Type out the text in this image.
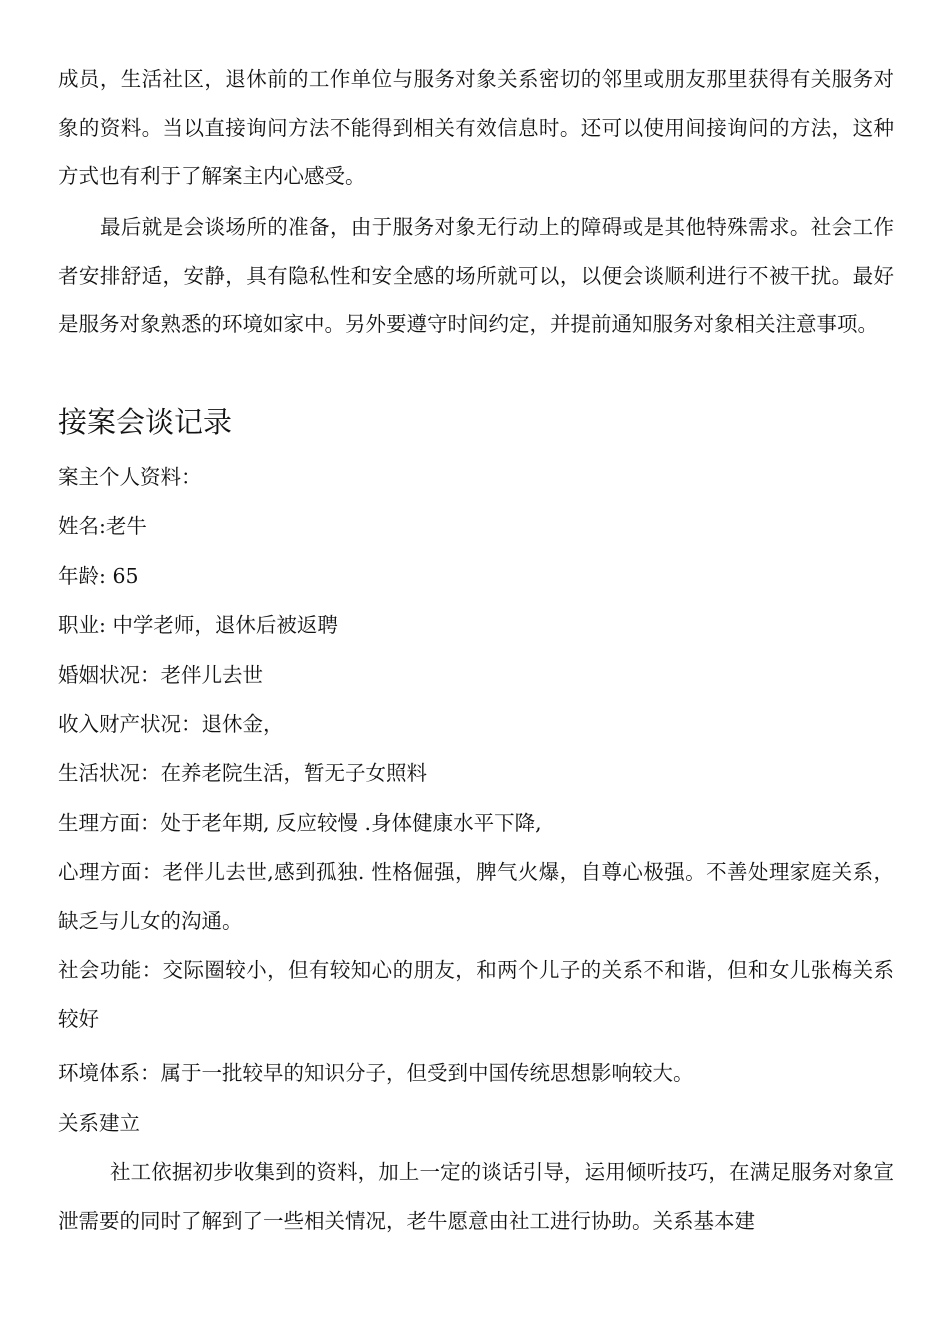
成员，生活社区，退休前的工作单位与服务对象关系密切的邻里或朋友那里获得有关服务对象的资料。当以直接询问方法不能得到相关有效信息时。还可以使用间接询问的方法，这种方式也有利于了解案主内心感受。

最后就是会谈场所的准备，由于服务对象无行动上的障碍或是其他特殊需求。社会工作者安排舒适，安静，具有隐私性和安全感的场所就可以，以便会谈顺利进行不被干扰。最好是服务对象熟悉的环境如家中。另外要遵守时间约定，并提前通知服务对象相关注意事项。

接案会谈记录

案主个人资料：

姓名:老牛

年龄: 65

职业: 中学老师，退休后被返聘

婚姻状况：老伴儿去世

收入财产状况：退休金，

生活状况：在养老院生活，暂无子女照料

生理方面：处于老年期, 反应较慢 .身体健康水平下降,

心理方面：老伴儿去世,感到孤独. 性格倔强，脾气火爆，自尊心极强。不善处理家庭关系，缺乏与儿女的沟通。

社会功能：交际圈较小，但有较知心的朋友，和两个儿子的关系不和谐，但和女儿张梅关系较好

环境体系：属于一批较早的知识分子，但受到中国传统思想影响较大。

关系建立

社工依据初步收集到的资料，加上一定的谈话引导，运用倾听技巧，在满足服务对象宣泄需要的同时了解到了一些相关情况，老牛愿意由社工进行协助。关系基本建
